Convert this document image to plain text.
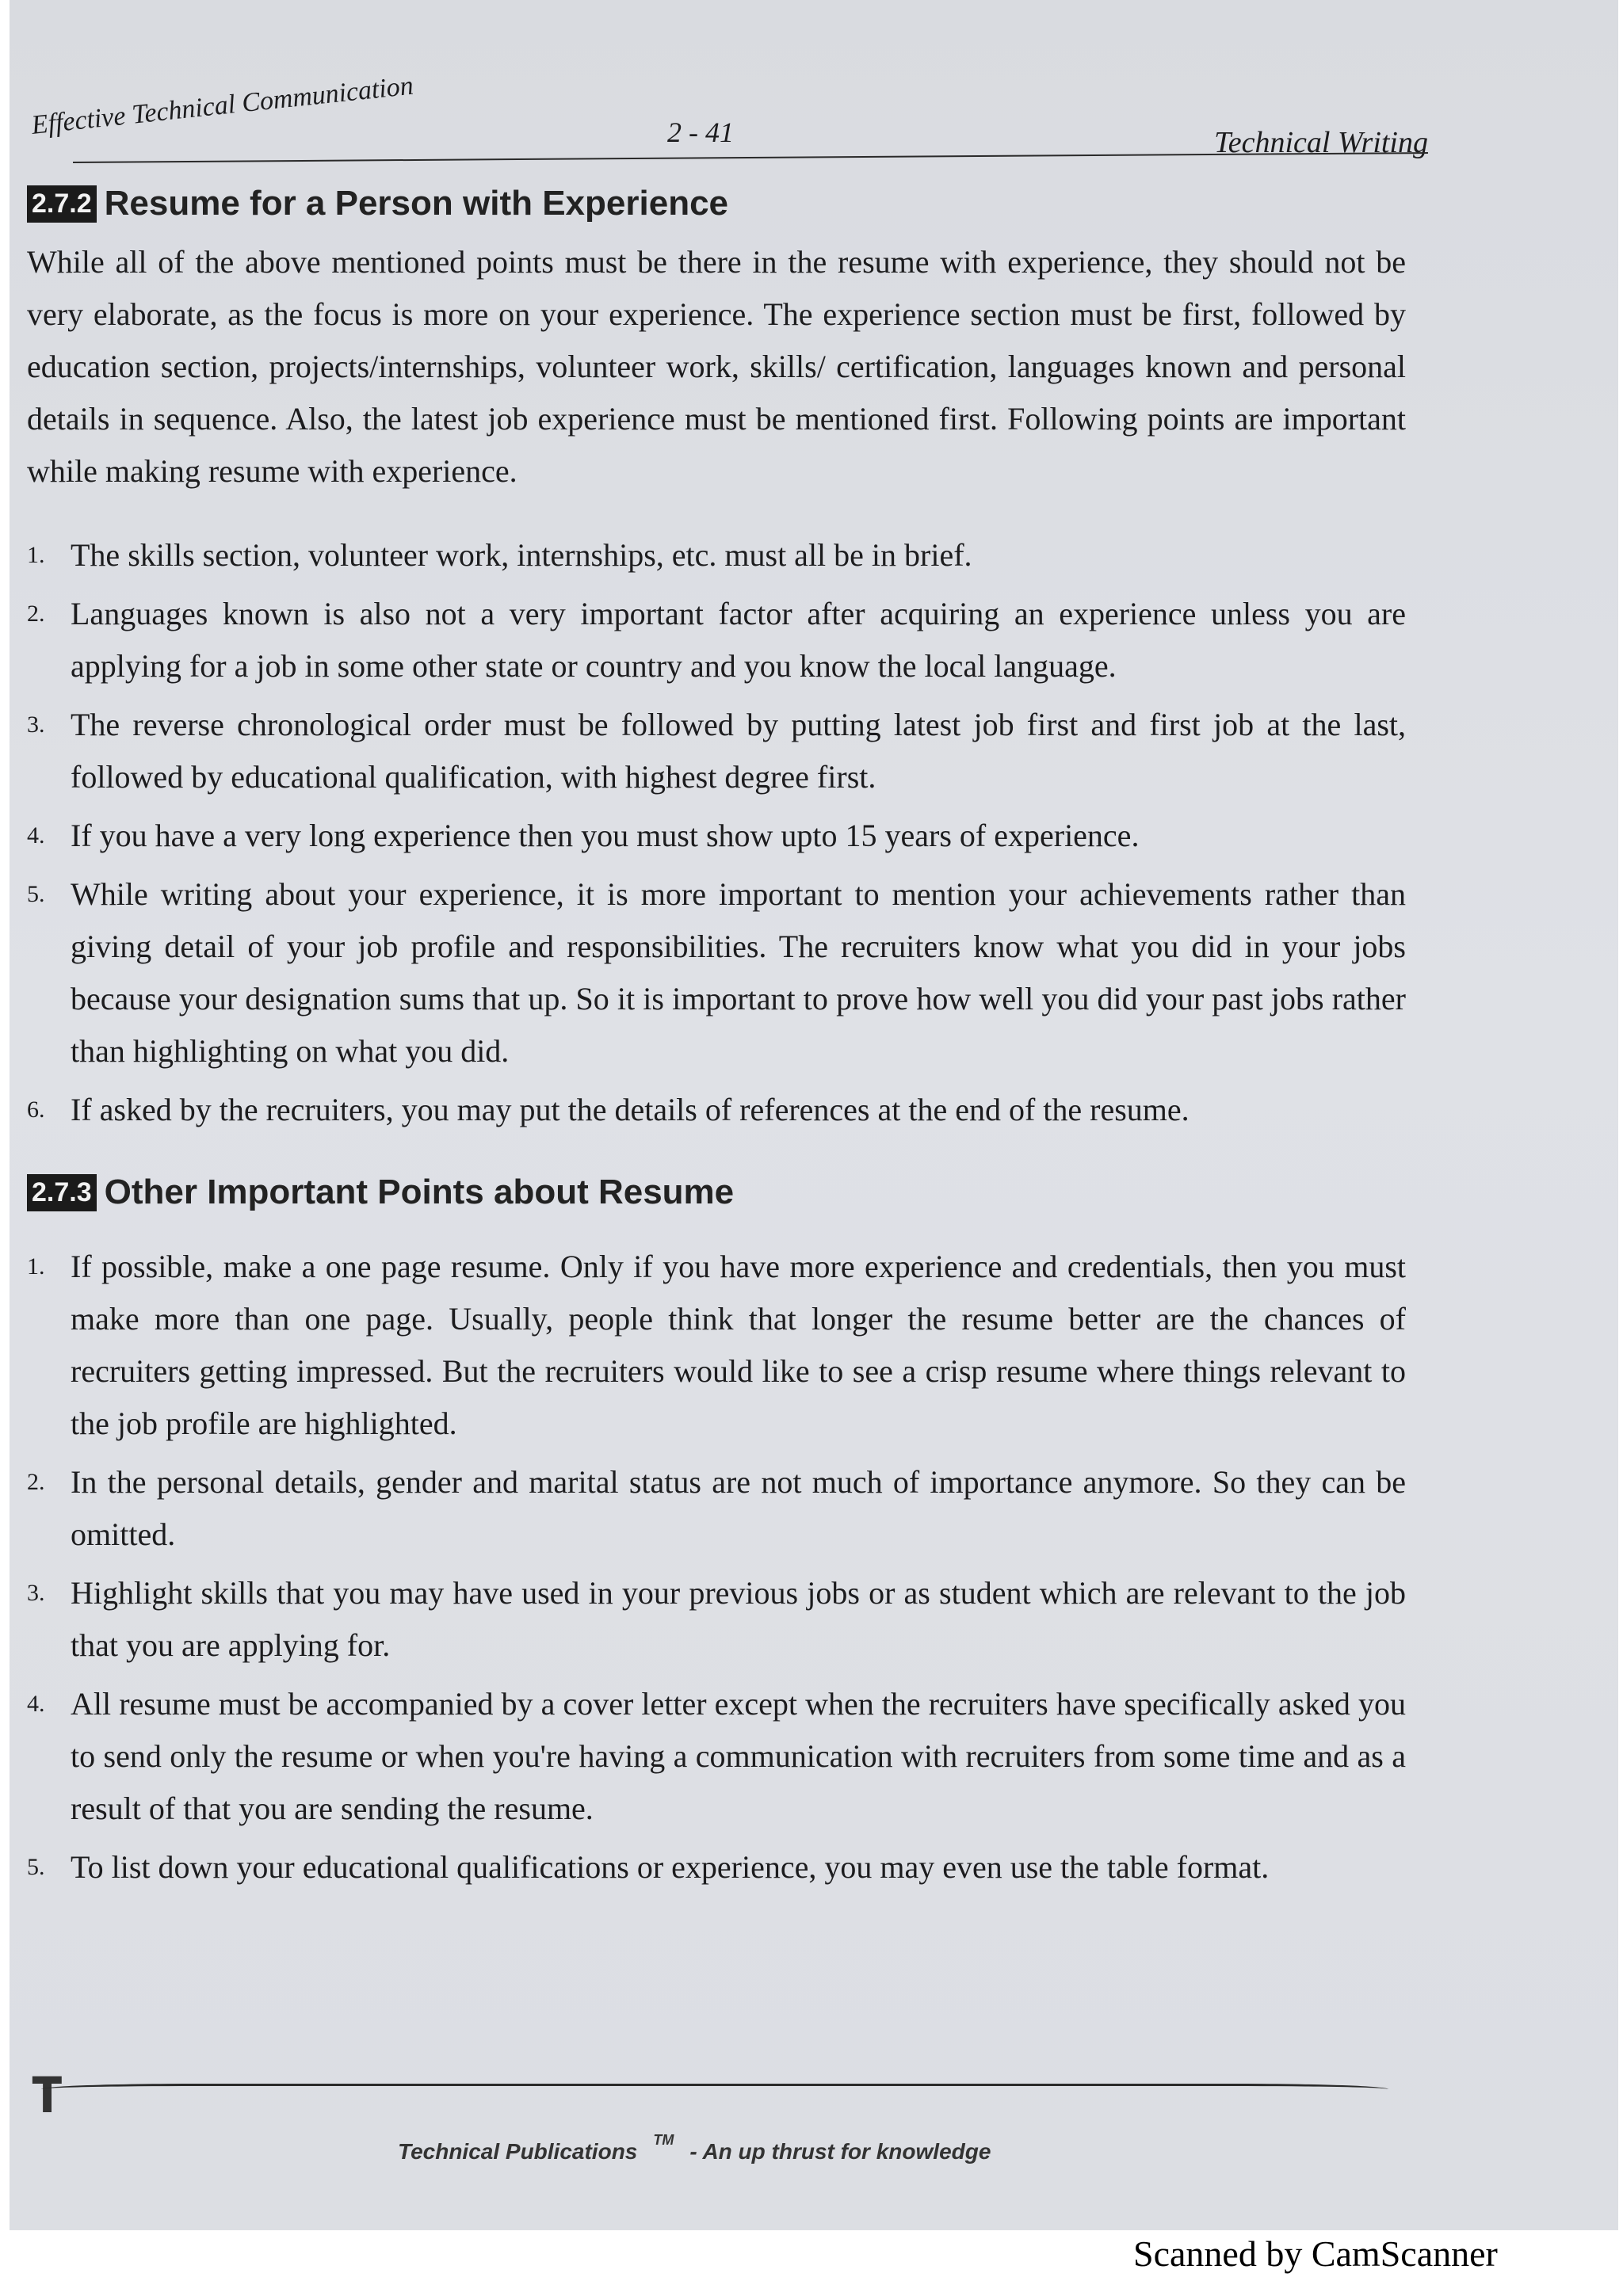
Effective Technical Communication	2 - 41	Technical Writing
2.7.2 Resume for a Person with Experience

While all of the above mentioned points must be there in the resume with experience, they should not be very elaborate, as the focus is more on your experience. The experience section must be first, followed by education section, projects/internships, volunteer work, skills/ certification, languages known and personal details in sequence. Also, the latest job experience must be mentioned first. Following points are important while making resume with experience.

1. The skills section, volunteer work, internships, etc. must all be in brief.
2. Languages known is also not a very important factor after acquiring an experience unless you are applying for a job in some other state or country and you know the local language.
3. The reverse chronological order must be followed by putting latest job first and first job at the last, followed by educational qualification, with highest degree first.
4. If you have a very long experience then you must show upto 15 years of experience.
5. While writing about your experience, it is more important to mention your achievements rather than giving detail of your job profile and responsibilities. The recruiters know what you did in your jobs because your designation sums that up. So it is important to prove how well you did your past jobs rather than highlighting on what you did.
6. If asked by the recruiters, you may put the details of references at the end of the resume.
2.7.3 Other Important Points about Resume
1. If possible, make a one page resume. Only if you have more experience and credentials, then you must make more than one page. Usually, people think that longer the resume better are the chances of recruiters getting impressed. But the recruiters would like to see a crisp resume where things relevant to the job profile are highlighted.
2. In the personal details, gender and marital status are not much of importance anymore. So they can be omitted.
3. Highlight skills that you may have used in your previous jobs or as student which are relevant to the job that you are applying for.
4. All resume must be accompanied by a cover letter except when the recruiters have specifically asked you to send only the resume or when you're having a communication with recruiters from some time and as a result of that you are sending the resume.
5. To list down your educational qualifications or experience, you may even use the table format.
𝐓
Technical Publications TM - An up thrust for knowledge
Scanned by CamScanner
